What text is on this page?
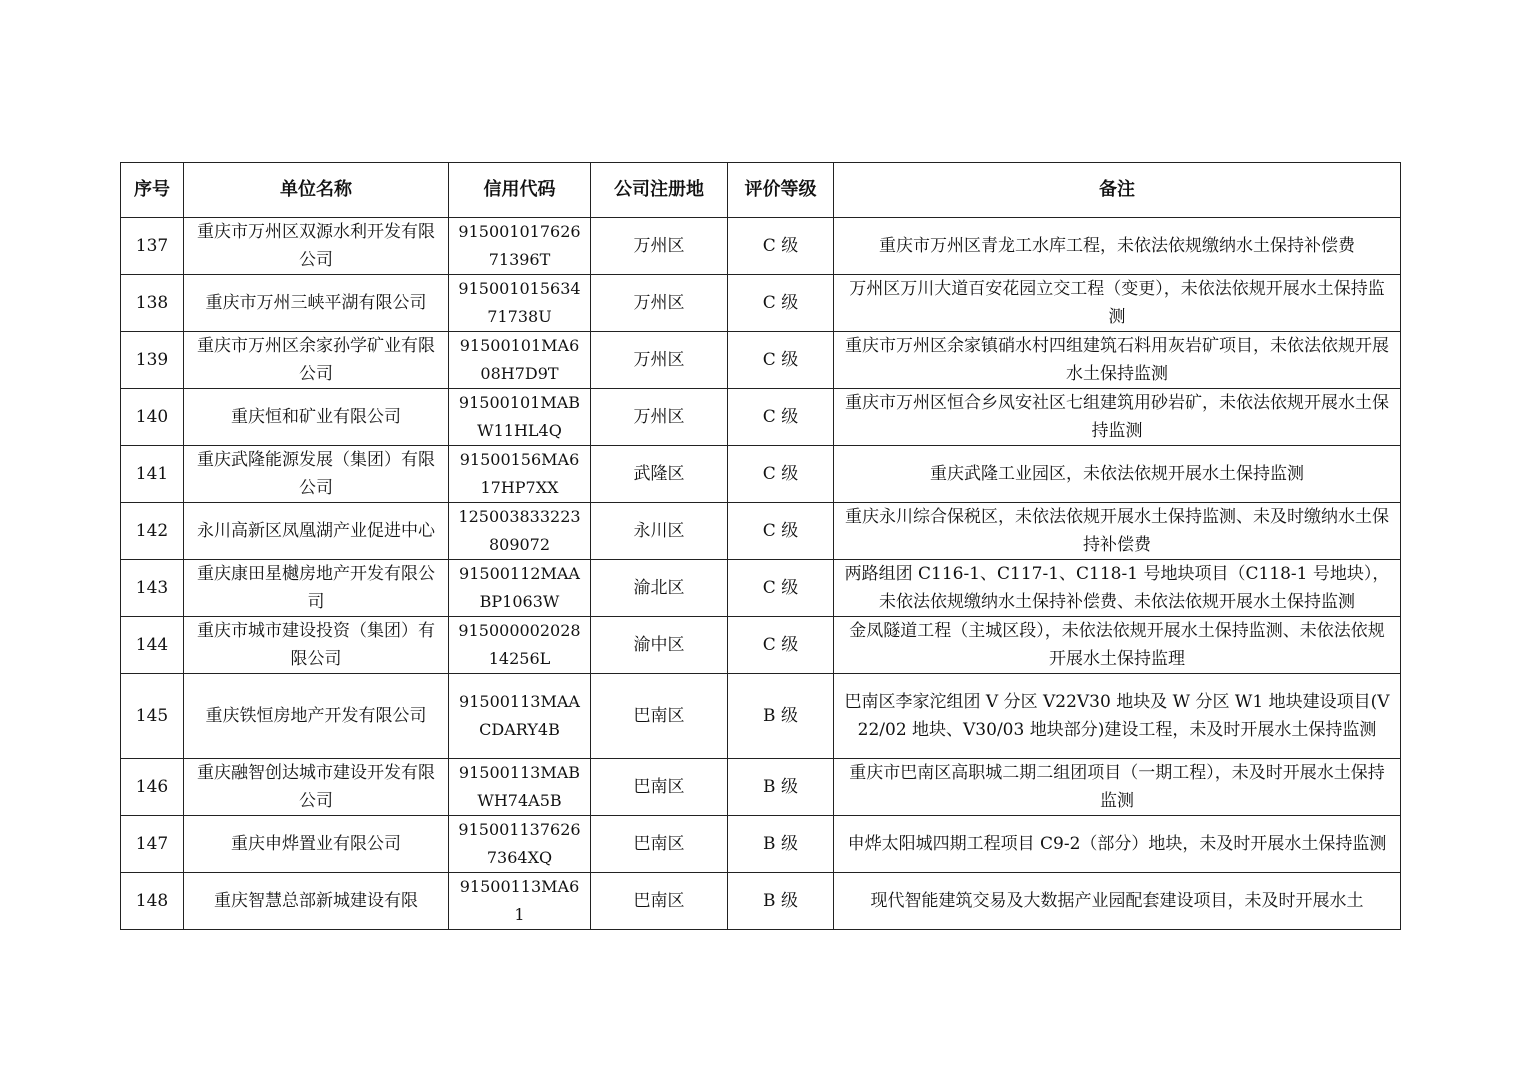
序号	单位名称	信用代码	公司注册地	评价等级	备注
137	重庆市万州区双源水利开发有限公司	91500101762671396T	万州区	C 级	重庆市万州区青龙工水库工程，未依法依规缴纳水土保持补偿费
138	重庆市万州三峡平湖有限公司	91500101563471738U	万州区	C 级	万州区万川大道百安花园立交工程（变更），未依法依规开展水土保持监测
139	重庆市万州区余家孙学矿业有限公司	91500101MA608H7D9T	万州区	C 级	重庆市万州区余家镇硝水村四组建筑石料用灰岩矿项目，未依法依规开展水土保持监测
140	重庆恒和矿业有限公司	91500101MABW11HL4Q	万州区	C 级	重庆市万州区恒合乡凤安社区七组建筑用砂岩矿，未依法依规开展水土保持监测
141	重庆武隆能源发展（集团）有限公司	91500156MA617HP7XX	武隆区	C 级	重庆武隆工业园区，未依法依规开展水土保持监测
142	永川高新区凤凰湖产业促进中心	125003833223809072	永川区	C 级	重庆永川综合保税区，未依法依规开展水土保持监测、未及时缴纳水土保持补偿费
143	重庆康田星樾房地产开发有限公司	91500112MAABP1063W	渝北区	C 级	两路组团 C116-1、C117-1、C118-1 号地块项目（C118-1 号地块），未依法依规缴纳水土保持补偿费、未依法依规开展水土保持监测
144	重庆市城市建设投资（集团）有限公司	91500000202814256L	渝中区	C 级	金凤隧道工程（主城区段），未依法依规开展水土保持监测、未依法依规开展水土保持监理
145	重庆铁恒房地产开发有限公司	91500113MAACDARY4B	巴南区	B 级	巴南区李家沱组团 V 分区 V22V30 地块及 W 分区 W1 地块建设项目(V22/02 地块、V30/03 地块部分)建设工程，未及时开展水土保持监测
146	重庆融智创达城市建设开发有限公司	91500113MABWH74A5B	巴南区	B 级	重庆市巴南区高职城二期二组团项目（一期工程），未及时开展水土保持监测
147	重庆申烨置业有限公司	915001137626 7364XQ	巴南区	B 级	申烨太阳城四期工程项目 C9-2（部分）地块，未及时开展水土保持监测
148	重庆智慧总部新城建设有限	91500113MA61	巴南区	B 级	现代智能建筑交易及大数据产业园配套建设项目，未及时开展水土
